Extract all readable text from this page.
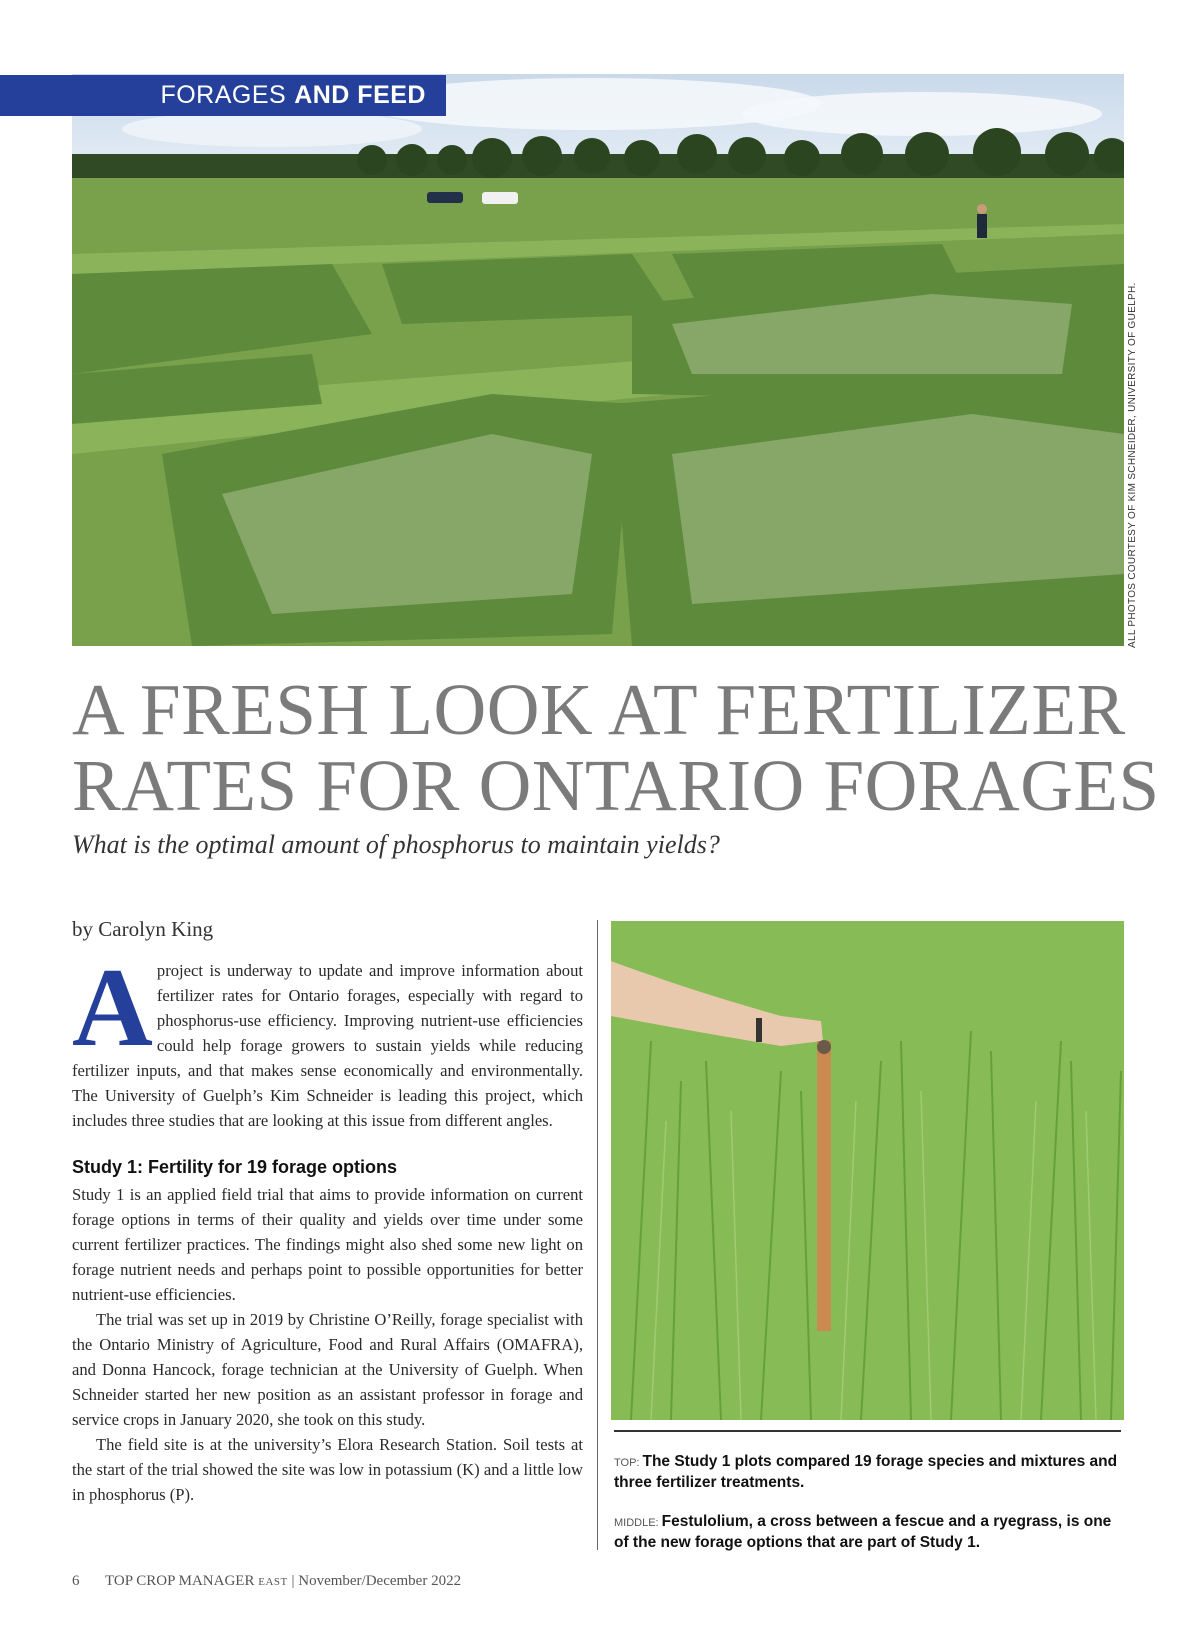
FORAGES AND FEED
ALL PHOTOS COURTESY OF KIM SCHNEIDER, UNIVERSITY OF GUELPH.
A FRESH LOOK AT FERTILIZER
RATES FOR ONTARIO FORAGES
What is the optimal amount of phosphorus to maintain yields?
by Carolyn King

Aproject is underway to update and improve information about fertilizer rates for Ontario forages, especially with regard to phosphorus-use efficiency. Improving nutrient-use efficiencies could help forage growers to sustain yields while reducing fertilizer inputs, and that makes sense economically and environmentally. The University of Guelph’s Kim Schneider is leading this project, which includes three studies that are looking at this issue from different angles.

Study 1: Fertility for 19 forage options

Study 1 is an applied field trial that aims to provide information on current forage options in terms of their quality and yields over time under some current fertilizer practices. The findings might also shed some new light on forage nutrient needs and perhaps point to possible opportunities for better nutrient-use efficiencies.

The trial was set up in 2019 by Christine O’Reilly, forage specialist with the Ontario Ministry of Agriculture, Food and Rural Affairs (OMAFRA), and Donna Hancock, forage technician at the University of Guelph. When Schneider started her new position as an assistant professor in forage and service crops in January 2020, she took on this study.

The field site is at the university’s Elora Research Station. Soil tests at the start of the trial showed the site was low in potassium (K) and a little low in phosphorus (P).

TOP: The Study 1 plots compared 19 forage species and mixtures and three fertilizer treatments.
MIDDLE: Festulolium, a cross between a fescue and a ryegrass, is one of the new forage options that are part of Study 1.
6 TOP CROP MANAGER EAST | November/December 2022
